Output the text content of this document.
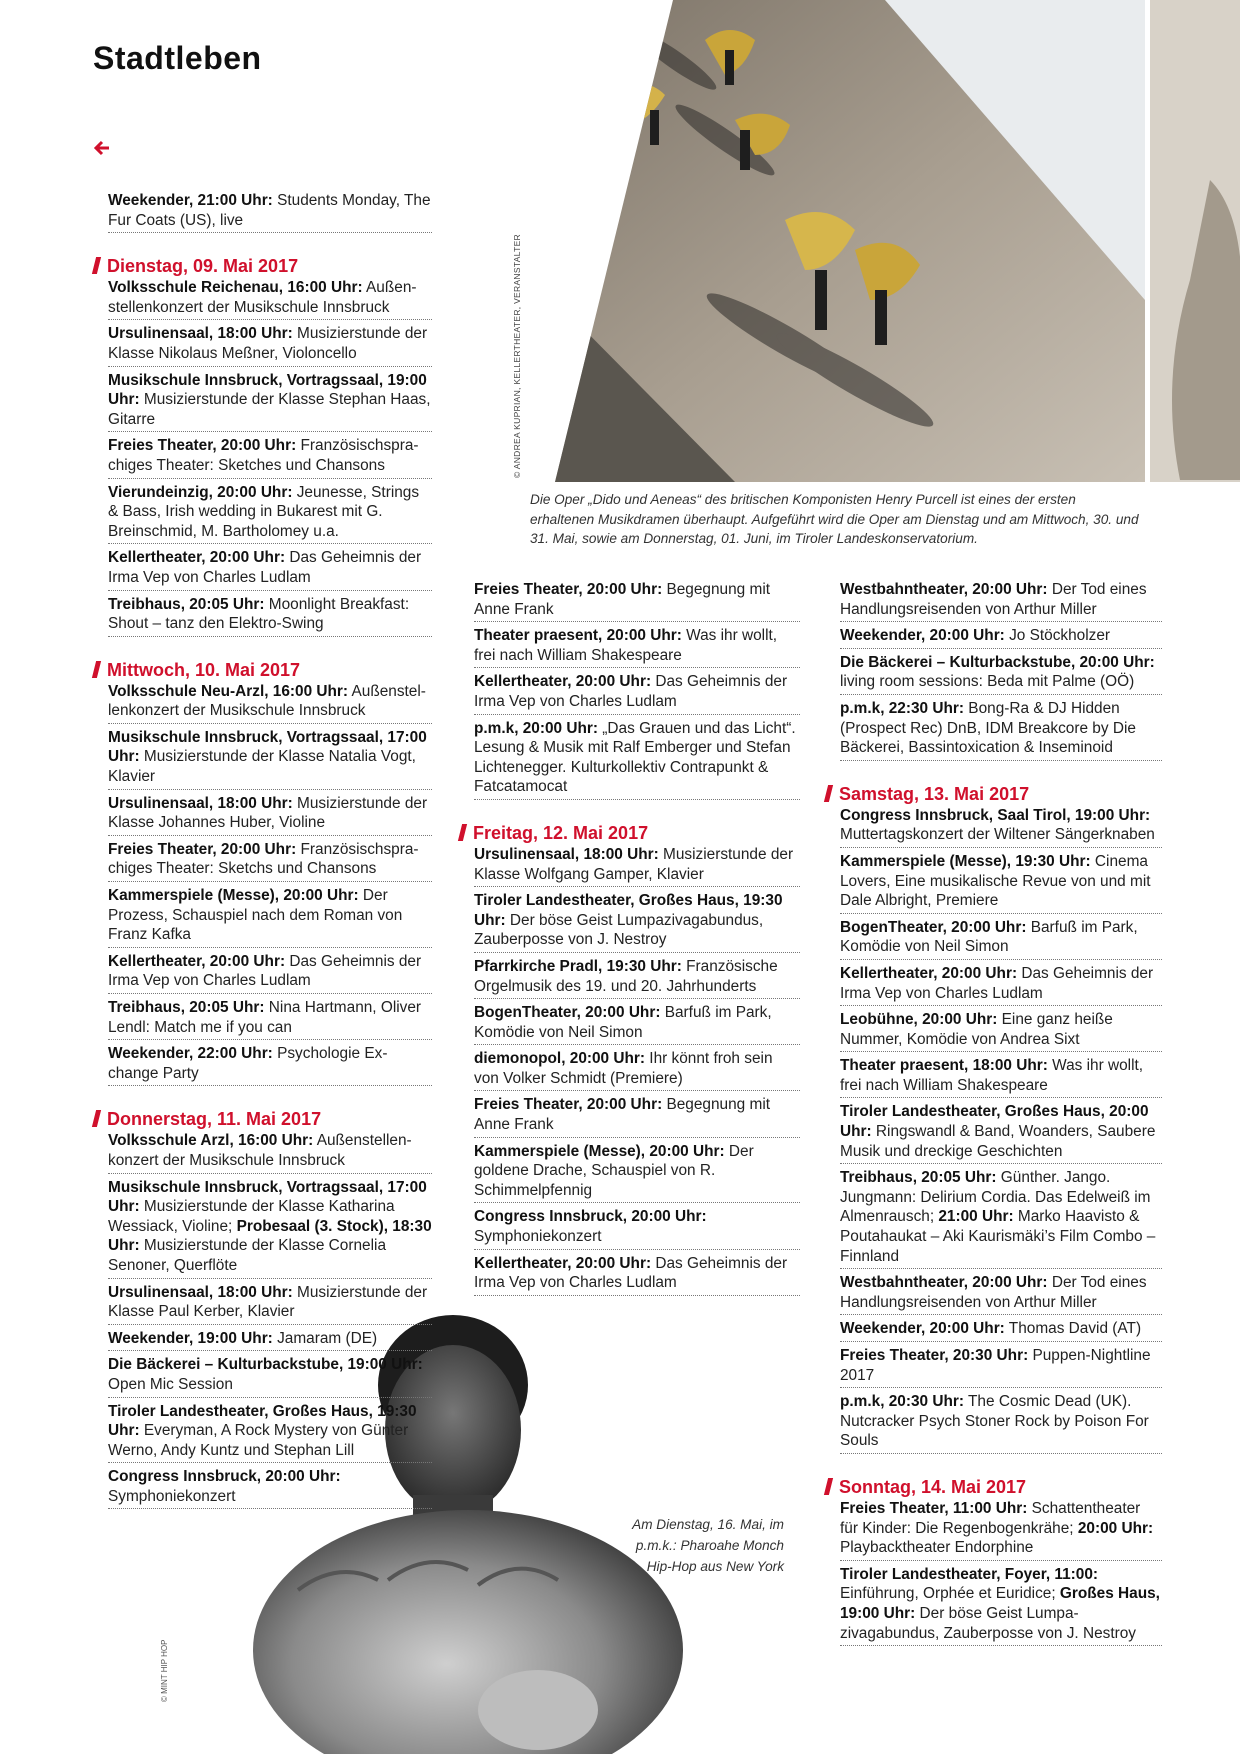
Stadtleben
© ANDREA KUPRIAN, KELLERTHEATER, VERANSTALTER
Die Oper „Dido und Aeneas“ des britischen Komponisten Henry Purcell ist eines der ersten erhaltenen Musikdramen überhaupt. Aufgeführt wird die Oper am Dienstag und am Mittwoch, 30. und 31. Mai, sowie am Donnerstag, 01. Juni, im Tiroler Landeskonservatorium.
© MINT HIP HOP
Am Dienstag, 16. Mai, im
p.m.k.: Pharoahe Monch
Hip-Hop aus New York
Weekender, 21:00 Uhr: Students Monday, The Fur Coats (US), live
Dienstag, 09. Mai 2017
Volksschule Reichenau, 16:00 Uhr: Außenstellenkonzert der Musikschule Innsbruck
Ursulinensaal, 18:00 Uhr: Musizierstunde der Klasse Nikolaus Meßner, Violoncello
Musikschule Innsbruck, Vortragssaal, 19:00 Uhr: Musizierstunde der Klasse Stephan Haas, Gitarre
Freies Theater, 20:00 Uhr: Französischsprachiges Theater: Sketches und Chansons
Vierundeinzig, 20:00 Uhr: Jeunesse, Strings & Bass, Irish wedding in Bukarest mit G. Breinschmid, M. Bartholomey u.a.
Kellertheater, 20:00 Uhr: Das Geheimnis der Irma Vep von Charles Ludlam
Treibhaus, 20:05 Uhr: Moonlight Breakfast: Shout – tanz den Elektro-Swing
Mittwoch, 10. Mai 2017
Volksschule Neu-Arzl, 16:00 Uhr: Außenstellenkonzert der Musikschule Innsbruck
Musikschule Innsbruck, Vortragssaal, 17:00 Uhr: Musizierstunde der Klasse Natalia Vogt, Klavier
Ursulinensaal, 18:00 Uhr: Musizierstunde der Klasse Johannes Huber, Violine
Freies Theater, 20:00 Uhr: Französischsprachiges Theater: Sketchs und Chansons
Kammerspiele (Messe), 20:00 Uhr: Der Prozess, Schauspiel nach dem Roman von Franz Kafka
Kellertheater, 20:00 Uhr: Das Geheimnis der Irma Vep von Charles Ludlam
Treibhaus, 20:05 Uhr: Nina Hartmann, Oliver Lendl: Match me if you can
Weekender, 22:00 Uhr: Psychologie Exchange Party
Donnerstag, 11. Mai 2017
Volksschule Arzl, 16:00 Uhr: Außenstellenkonzert der Musikschule Innsbruck
Musikschule Innsbruck, Vortragssaal, 17:00 Uhr: Musizierstunde der Klasse Katharina Wessiack, Violine; Probesaal (3. Stock), 18:30 Uhr: Musizierstunde der Klasse Cornelia Senoner, Querflöte
Ursulinensaal, 18:00 Uhr: Musizierstunde der Klasse Paul Kerber, Klavier
Weekender, 19:00 Uhr: Jamaram (DE)
Die Bäckerei – Kulturbackstube, 19:00 Uhr: Open Mic Session
Tiroler Landestheater, Großes Haus, 19:30 Uhr: Everyman, A Rock Mystery von Günter Werno, Andy Kuntz und Stephan Lill
Congress Innsbruck, 20:00 Uhr: Symphoniekonzert
Freies Theater, 20:00 Uhr: Begegnung mit Anne Frank
Theater praesent, 20:00 Uhr: Was ihr wollt, frei nach William Shakespeare
Kellertheater, 20:00 Uhr: Das Geheimnis der Irma Vep von Charles Ludlam
p.m.k, 20:00 Uhr: „Das Grauen und das Licht“. Lesung & Musik mit Ralf Emberger und Stefan Lichtenegger. Kulturkollektiv Contrapunkt & Fatcatamocat
Freitag, 12. Mai 2017
Ursulinensaal, 18:00 Uhr: Musizierstunde der Klasse Wolfgang Gamper, Klavier
Tiroler Landestheater, Großes Haus, 19:30 Uhr: Der böse Geist Lumpazivagabundus, Zauberposse von J. Nestroy
Pfarrkirche Pradl, 19:30 Uhr: Französische Orgelmusik des 19. und 20. Jahrhunderts
BogenTheater, 20:00 Uhr: Barfuß im Park, Komödie von Neil Simon
diemonopol, 20:00 Uhr: Ihr könnt froh sein von Volker Schmidt (Premiere)
Freies Theater, 20:00 Uhr: Begegnung mit Anne Frank
Kammerspiele (Messe), 20:00 Uhr: Der goldene Drache, Schauspiel von R. Schimmelpfennig
Congress Innsbruck, 20:00 Uhr: Symphoniekonzert
Kellertheater, 20:00 Uhr: Das Geheimnis der Irma Vep von Charles Ludlam
Westbahntheater, 20:00 Uhr: Der Tod eines Handlungsreisenden von Arthur Miller
Weekender, 20:00 Uhr: Jo Stöckholzer
Die Bäckerei – Kulturbackstube, 20:00 Uhr: living room sessions: Beda mit Palme (OÖ)
p.m.k, 22:30 Uhr: Bong-Ra & DJ Hidden (Prospect Rec) DnB, IDM Breakcore by Die Bäckerei, Bassintoxication & Inseminoid
Samstag, 13. Mai 2017
Congress Innsbruck, Saal Tirol, 19:00 Uhr: Muttertagskonzert der Wiltener Sängerknaben
Kammerspiele (Messe), 19:30 Uhr: Cinema Lovers, Eine musikalische Revue von und mit Dale Albright, Premiere
BogenTheater, 20:00 Uhr: Barfuß im Park, Komödie von Neil Simon
Kellertheater, 20:00 Uhr: Das Geheimnis der Irma Vep von Charles Ludlam
Leobühne, 20:00 Uhr: Eine ganz heiße Nummer, Komödie von Andrea Sixt
Theater praesent, 18:00 Uhr: Was ihr wollt, frei nach William Shakespeare
Tiroler Landestheater, Großes Haus, 20:00 Uhr: Ringswandl & Band, Woanders, Saubere Musik und dreckige Geschichten
Treibhaus, 20:05 Uhr: Günther. Jango. Jungmann: Delirium Cordia. Das Edelweiß im Almenrausch; 21:00 Uhr: Marko Haavisto & Poutahaukat – Aki Kaurismäki’s Film Combo – Finnland
Westbahntheater, 20:00 Uhr: Der Tod eines Handlungsreisenden von Arthur Miller
Weekender, 20:00 Uhr: Thomas David (AT)
Freies Theater, 20:30 Uhr: Puppen-Nightline 2017
p.m.k, 20:30 Uhr: The Cosmic Dead (UK). Nutcracker Psych Stoner Rock by Poison For Souls
Sonntag, 14. Mai 2017
Freies Theater, 11:00 Uhr: Schattentheater für Kinder: Die Regenbogenkrähe; 20:00 Uhr: Playbacktheater Endorphine
Tiroler Landestheater, Foyer, 11:00: Einführung, Orphée et Euridice; Großes Haus, 19:00 Uhr: Der böse Geist Lumpazivagabundus, Zauberposse von J. Nestroy
